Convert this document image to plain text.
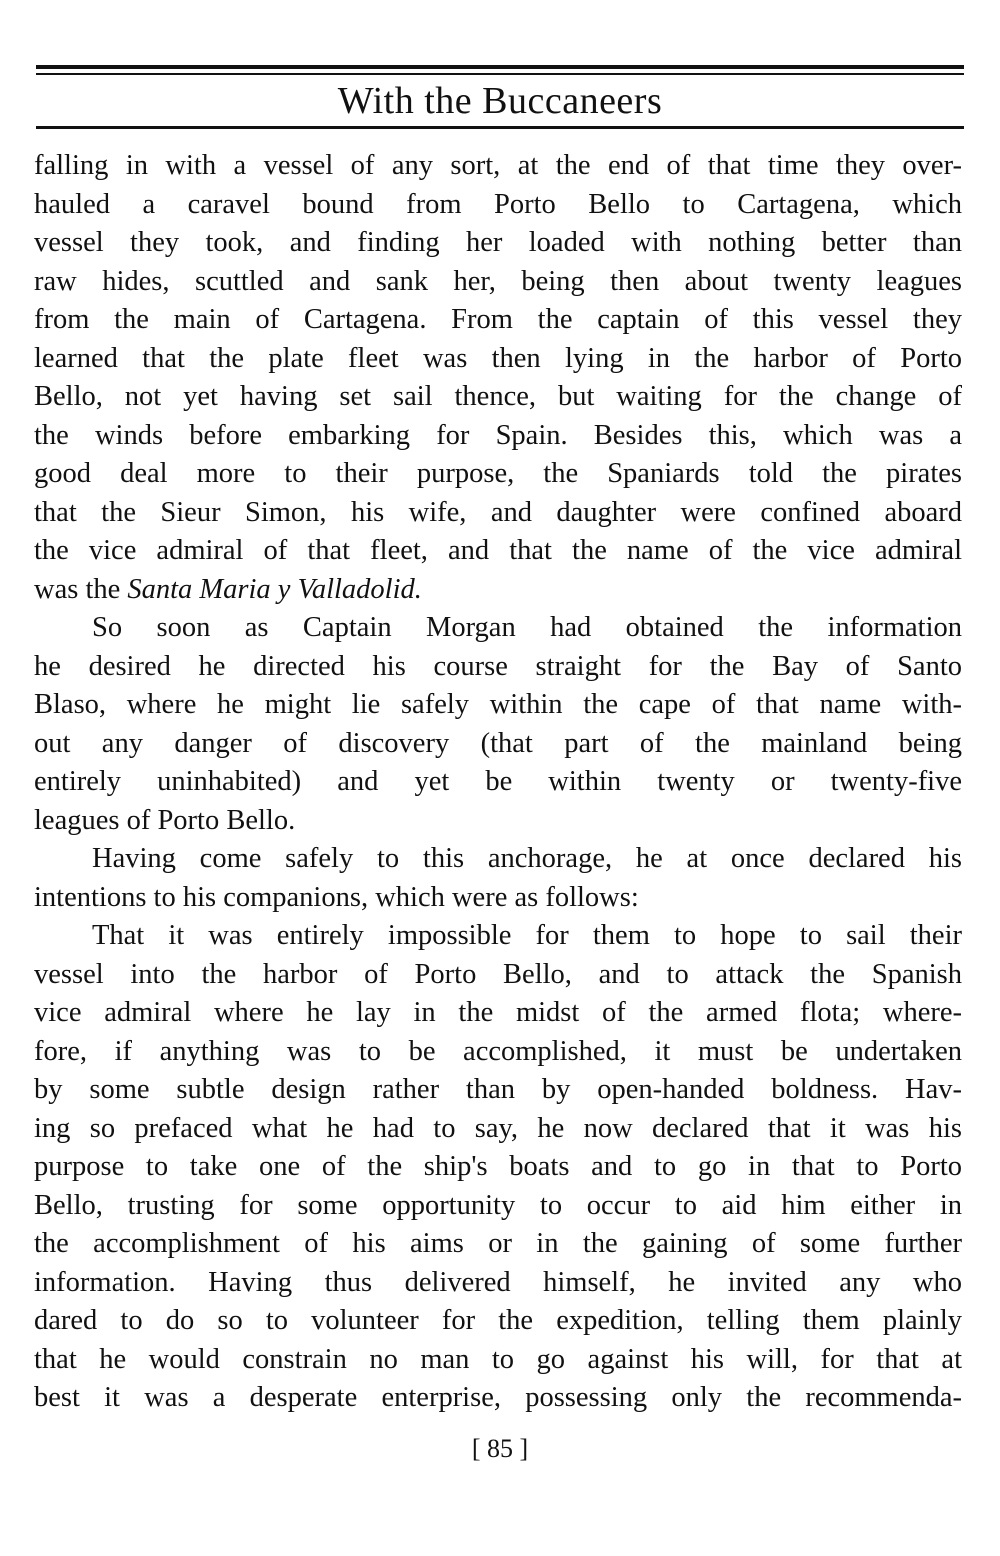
With the Buccaneers
falling in with a vessel of any sort, at the end of that time they over-
hauled a caravel bound from Porto Bello to Cartagena, which
vessel they took, and finding her loaded with nothing better than
raw hides, scuttled and sank her, being then about twenty leagues
from the main of Cartagena. From the captain of this vessel they
learned that the plate fleet was then lying in the harbor of Porto
Bello, not yet having set sail thence, but waiting for the change of
the winds before embarking for Spain. Besides this, which was a
good deal more to their purpose, the Spaniards told the pirates
that the Sieur Simon, his wife, and daughter were confined aboard
the vice admiral of that fleet, and that the name of the vice admiral
was the Santa Maria y Valladolid.
So soon as Captain Morgan had obtained the information
he desired he directed his course straight for the Bay of Santo
Blaso, where he might lie safely within the cape of that name with-
out any danger of discovery (that part of the mainland being
entirely uninhabited) and yet be within twenty or twenty-five
leagues of Porto Bello.
Having come safely to this anchorage, he at once declared his
intentions to his companions, which were as follows:
That it was entirely impossible for them to hope to sail their
vessel into the harbor of Porto Bello, and to attack the Spanish
vice admiral where he lay in the midst of the armed flota; where-
fore, if anything was to be accomplished, it must be undertaken
by some subtle design rather than by open-handed boldness. Hav-
ing so prefaced what he had to say, he now declared that it was his
purpose to take one of the ship's boats and to go in that to Porto
Bello, trusting for some opportunity to occur to aid him either in
the accomplishment of his aims or in the gaining of some further
information. Having thus delivered himself, he invited any who
dared to do so to volunteer for the expedition, telling them plainly
that he would constrain no man to go against his will, for that at
best it was a desperate enterprise, possessing only the recommenda-
[ 85 ]
